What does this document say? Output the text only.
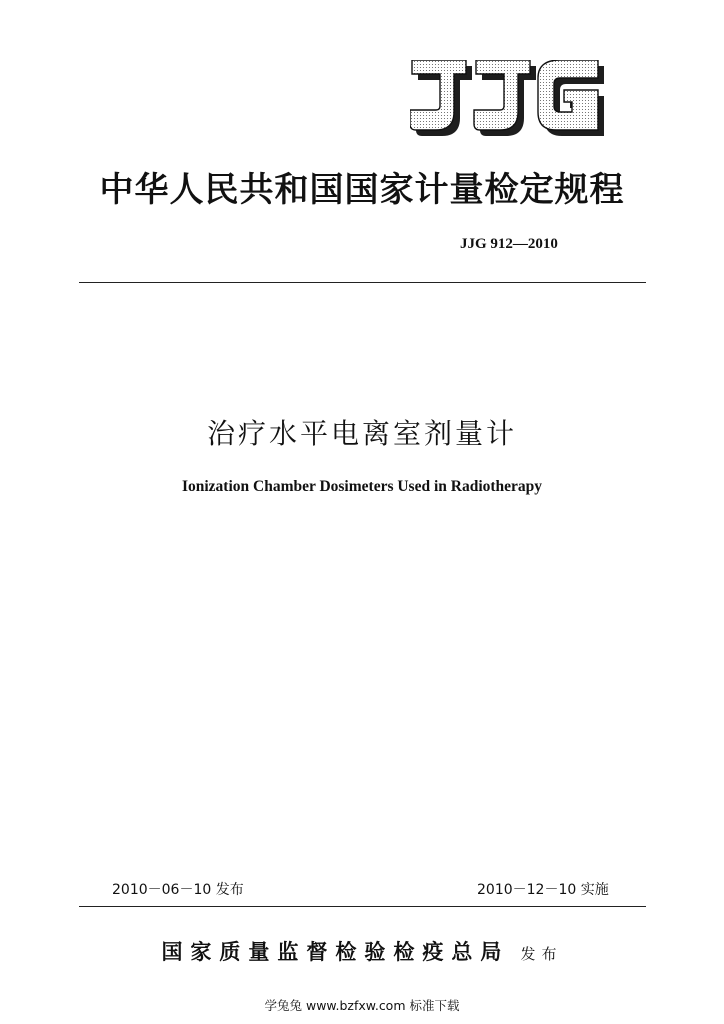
中华人民共和国国家计量检定规程
JJG 912—2010
治疗水平电离室剂量计
Ionization Chamber Dosimeters Used in Radiotherapy
2010－06－10 发布	2010－12－10 实施
国家质量监督检验检疫总局 发布
学兔兔 www.bzfxw.com 标准下载
